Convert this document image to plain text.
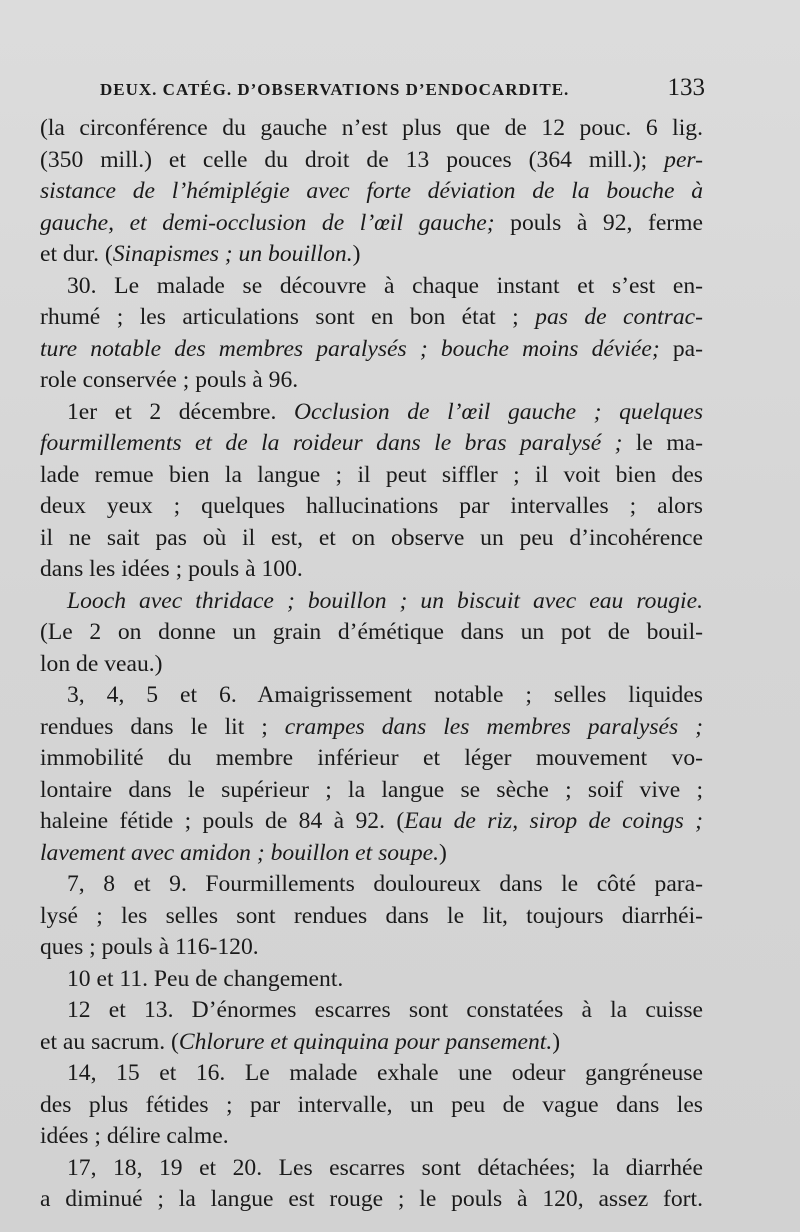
DEUX. CATÉG. D’OBSERVATIONS D’ENDOCARDITE.	133
(la circonférence du gauche n’est plus que de 12 pouc. 6 lig.
(350 mill.) et celle du droit de 13 pouces (364 mill.); per-
sistance de l’hémiplégie avec forte déviation de la bouche à
gauche, et demi-occlusion de l’œil gauche; pouls à 92, ferme
et dur. (Sinapismes ; un bouillon.)
30. Le malade se découvre à chaque instant et s’est en-
rhumé ; les articulations sont en bon état ; pas de contrac-
ture notable des membres paralysés ; bouche moins déviée; pa-
role conservée ; pouls à 96.
1er et 2 décembre. Occlusion de l’œil gauche ; quelques
fourmillements et de la roideur dans le bras paralysé ; le ma-
lade remue bien la langue ; il peut siffler ; il voit bien des
deux yeux ; quelques hallucinations par intervalles ; alors
il ne sait pas où il est, et on observe un peu d’incohérence
dans les idées ; pouls à 100.
Looch avec thridace ; bouillon ; un biscuit avec eau rougie.
(Le 2 on donne un grain d’émétique dans un pot de bouil-
lon de veau.)
3, 4, 5 et 6. Amaigrissement notable ; selles liquides
rendues dans le lit ; crampes dans les membres paralysés ;
immobilité du membre inférieur et léger mouvement vo-
lontaire dans le supérieur ; la langue se sèche ; soif vive ;
haleine fétide ; pouls de 84 à 92. (Eau de riz, sirop de coings ;
lavement avec amidon ; bouillon et soupe.)
7, 8 et 9. Fourmillements douloureux dans le côté para-
lysé ; les selles sont rendues dans le lit, toujours diarrhéi-
ques ; pouls à 116-120.
10 et 11. Peu de changement.
12 et 13. D’énormes escarres sont constatées à la cuisse
et au sacrum. (Chlorure et quinquina pour pansement.)
14, 15 et 16. Le malade exhale une odeur gangréneuse
des plus fétides ; par intervalle, un peu de vague dans les
idées ; délire calme.
17, 18, 19 et 20. Les escarres sont détachées; la diarrhée
a diminué ; la langue est rouge ; le pouls à 120, assez fort.
